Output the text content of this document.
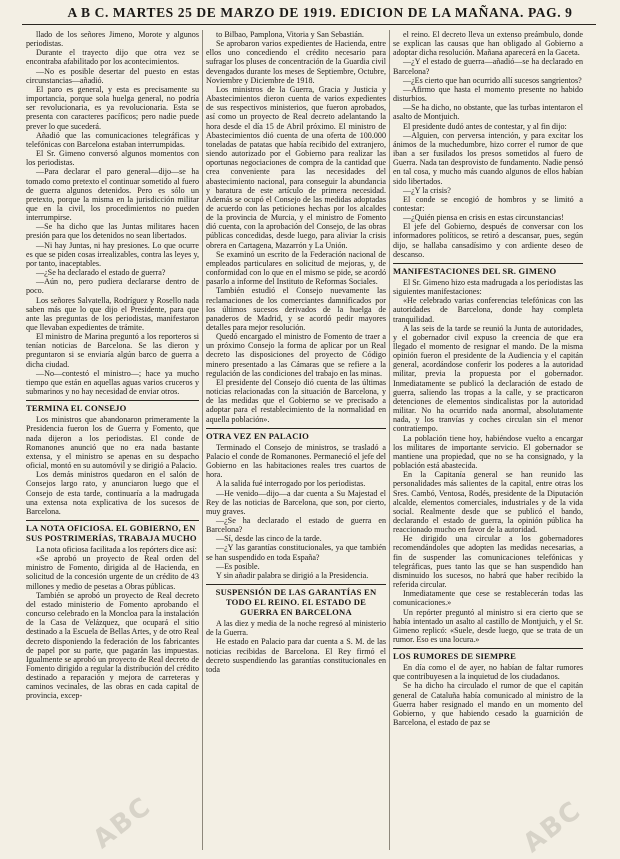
A B C. MARTES 25 DE MARZO DE 1919. EDICION DE LA MAÑANA. PAG. 9

llado de los señores Jimeno, Morote y algunos periodistas.

Durante el trayecto dijo que otra vez se encontraba afabilitado por los acontecimientos.

—No es posible desertar del puesto en estas circunstancias—añadió.

El paro es general, y esta es precisamente su importancia, porque sola huelga general, no podría ser revolucionaria, es ya revolucionaria. Esta se presenta con caracteres pacíficos; pero nadie puede prever lo que sucederá.

Añadió que las comunicaciones telegráficas y telefónicas con Barcelona estaban interrumpidas.

El Sr. Gimeno conversó algunos momentos con los periodistas.

—Para declarar el paro general—dijo—se ha tomado como pretexto el continuar sometido al fuero de guerra algunos detenidos. Pero es sólo un pretexto, porque la misma en la jurisdicción militar que en la civil, los procedimientos no pueden interrumpirse.

—Se ha dicho que las Juntas militares hacen presión para que los detenidos no sean libertados.

—Ni hay Juntas, ni hay presiones. Lo que ocurre es que se piden cosas irrealizables, contra las leyes y, por tanto, inaceptables.

—¿Se ha declarado el estado de guerra?

—Aún no, pero pudiera declararse dentro de poco.

Los señores Salvatella, Rodríguez y Rosello nada saben más que lo que dijo el Presidente, para que ante las preguntas de los periodistas, manifestaron que llevaban expedientes de trámite.

El ministro de Marina preguntó a los reporteros si tenían noticias de Barcelona. Se las dieron y preguntaron si se enviaría algún barco de guerra a dicha ciudad.

—No—contestó el ministro—; hace ya mucho tiempo que están en aquellas aguas varios cruceros y submarinos y no hay necesidad de enviar otros.

TERMINA EL CONSEJO

Los ministros que abandonaron primeramente la Presidencia fueron los de Guerra y Fomento, que nada dijeron a los periodistas. El conde de Romanones anunció que no era nada bastante extensa, y el ministro se apenas en su despacho oficial, montó en su automóvil y se dirigió a Palacio.

Los demás ministros quedaron en el salón de Consejos largo rato, y anunciaron luego que el Consejo de esta tarde, continuaría a la madrugada una extensa nota explicativa de los sucesos de Barcelona.

LA NOTA OFICIOSA. EL GOBIERNO, EN SUS POSTRIMERÍAS, TRABAJA MUCHO

La nota oficiosa facilitada a los repórters dice así:

«Se aprobó un proyecto de Real orden del ministro de Fomento, dirigida al de Hacienda, en solicitud de la concesión urgente de un crédito de 43 millones y medio de pesetas a Obras públicas.

También se aprobó un proyecto de Real decreto del estado ministerio de Fomento aprobando el concurso celebrado en la Moncloa para la instalación de la Casa de Velázquez, que ocupará el sitio destinado a la Escuela de Bellas Artes, y de otro Real decreto disponiendo la federación de los fabricantes de papel por su parte, que pagarán las impuestas. Igualmente se aprobó un proyecto de Real decreto de Fomento dirigido a regular la distribución del crédito destinado a reparación y mejora de carreteras y caminos vecinales, de las obras en cada capital de provincia, excep-

to Bilbao, Pamplona, Vitoria y San Sebastián.

Se aprobaron varios expedientes de Hacienda, entre ellos uno concediendo el crédito necesario para sufragar los pluses de concentración de la Guardia civil devengados durante los meses de Septiembre, Octubre, Noviembre y Diciembre de 1918.

Los ministros de la Guerra, Gracia y Justicia y Abastecimientos dieron cuenta de varios expedientes de sus respectivos ministerios, que fueron aprobados, así como un proyecto de Real decreto adelantando la hora desde el día 15 de Abril próximo. El ministro de Abastecimientos dió cuenta de una oferta de 100.000 toneladas de patatas que había recibido del extranjero, siendo autorizado por el Gobierno para realizar las oportunas negociaciones de compra de la cantidad que crea conveniente para las necesidades del abastecimiento nacional, para conseguir la abundancia y baratura de este artículo de primera necesidad. Además se ocupó el Consejo de las medidas adoptadas de acuerdo con las peticiones hechas por los alcaldes de la provincia de Murcia, y el ministro de Fomento dió cuenta, con la aprobación del Consejo, de las obras públicas concedidas, desde luego, para aliviar la crisis obrera en Cartagena, Mazarrón y La Unión.

Se examinó un escrito de la Federación nacional de empleados particulares en solicitud de mejoras, y, de conformidad con lo que en el mismo se pide, se acordó pasarlo a informe del Instituto de Reformas Sociales.

También estudió el Consejo nuevamente las reclamaciones de los comerciantes damnificados por los últimos sucesos derivados de la huelga de panaderos de Madrid, y se acordó pedir mayores detalles para mejor resolución.

Quedó encargado el ministro de Fomento de traer a un próximo Consejo la forma de aplicar por un Real decreto las disposiciones del proyecto de Código minero presentado a las Cámaras que se refiere a la regulación de las condiciones del trabajo en las minas.

El presidente del Consejo dió cuenta de las últimas noticias relacionadas con la situación de Barcelona, y de las medidas que el Gobierno se ve precisado a adoptar para el restablecimiento de la normalidad en aquella población».

OTRA VEZ EN PALACIO

Terminado el Consejo de ministros, se trasladó a Palacio el conde de Romanones. Permaneció el jefe del Gobierno en las habitaciones reales tres cuartos de hora.

A la salida fué interrogado por los periodistas.

—He venido—dijo—a dar cuenta a Su Majestad el Rey de las noticias de Barcelona, que son, por cierto, muy graves.

—¿Se ha declarado el estado de guerra en Barcelona?

—Sí, desde las cinco de la tarde.

—¿Y las garantías constitucionales, ya que también se han suspendido en toda España?

—Es posible.

Y sin añadir palabra se dirigió a la Presidencia.

SUSPENSIÓN DE LAS GARANTÍAS EN TODO EL REINO. EL ESTADO DE GUERRA EN BARCELONA

A las diez y media de la noche regresó al ministerio de la Guerra.

He estado en Palacio para dar cuenta a S. M. de las noticias recibidas de Barcelona. El Rey firmó el decreto suspendiendo las garantías constitucionales en toda

el reino. El decreto lleva un extenso preámbulo, donde se explican las causas que han obligado al Gobierno a adoptar dicha resolución. Mañana aparecerá en la Gaceta.

—¿Y el estado de guerra—añadió—se ha declarado en Barcelona?

—¿Es cierto que han ocurrido allí sucesos sangrientos?

—Afirmo que hasta el momento presente no habido disturbios.

—Se ha dicho, no obstante, que las turbas intentaron el asalto de Montjuich.

El presidente dudó antes de contestar, y al fin dijo:

—Alguien, con perversa intención, y para excitar los ánimos de la muchedumbre, hizo correr el rumor de que iban a ser fusilados los presos sometidos al fuero de Guerra. Nada tan desprovisto de fundamento. Nadie pensó en tal cosa, y mucho más cuando algunos de ellos habían sido libertados.

—¿Y la crisis?

El conde se encogió de hombros y se limitó a contestar:

—¿Quién piensa en crisis en estas circunstancias!

El jefe del Gobierno, después de conversar con los informadores políticos, se retiró a descansar, pues, según dijo, se hallaba cansadísimo y con ardiente deseo de descanso.

MANIFESTACIONES DEL SR. GIMENO

El Sr. Gimeno hizo esta madrugada a los periodistas las siguientes manifestaciones:

«He celebrado varias conferencias telefónicas con las autoridades de Barcelona, donde hay completa tranquilidad.

A las seis de la tarde se reunió la Junta de autoridades, y el gobernador civil expuso la creencia de que era llegado el momento de resignar el mando. De la misma opinión fueron el presidente de la Audiencia y el capitán general, acordándose conferir los poderes a la autoridad militar, previa la propuesta por el gobernador. Inmediatamente se publicó la declaración de estado de guerra, saliendo las tropas a la calle, y se practicaron detenciones de elementos sindicalistas por la autoridad militar. No ha ocurrido nada anormal, absolutamente nada, y los tranvías y coches circulan sin el menor contratiempo.

La población tiene hoy, habiéndose vuelto a encargar los militares de importante servicio. El gobernador se mantiene una propiedad, que no se ha consignado, y la población está abastecida.

En la Capitanía general se han reunido las personalidades más salientes de la capital, entre otras los Sres. Cambó, Ventosa, Rodés, presidente de la Diputación alcalde, elementos comerciales, industriales y de la vida social. Realmente desde que se publicó el bando, declarando el estado de guerra, la opinión pública ha reaccionado mucho en favor de la autoridad.

He dirigido una circular a los gobernadores recomendándoles que adopten las medidas necesarias, a fin de suspender las comunicaciones telefónicas y telegráficas, pues tanto las que se han suspendido han disminuido los sucesos, no habrá que haber recibido la referida circular.

Inmediatamente que cese se restablecerán todas las comunicaciones.»

Un repórter preguntó al ministro si era cierto que se había intentado un asalto al castillo de Montjuich, y el Sr. Gimeno replicó: «Suele, desde luego, que se trata de un rumor. Eso es una locura.»

LOS RUMORES DE SIEMPRE

En día como el de ayer, no habían de faltar rumores que contribuyesen a la inquietud de los ciudadanos.

Se ha dicho ha circulado el rumor de que el capitán general de Cataluña había comunicado al ministro de la Guerra haber resignado el mando en un momento del Gobierno, y que habiendo cesado la guarnición de Barcelona, el estado de paz se

ABC	ABC
